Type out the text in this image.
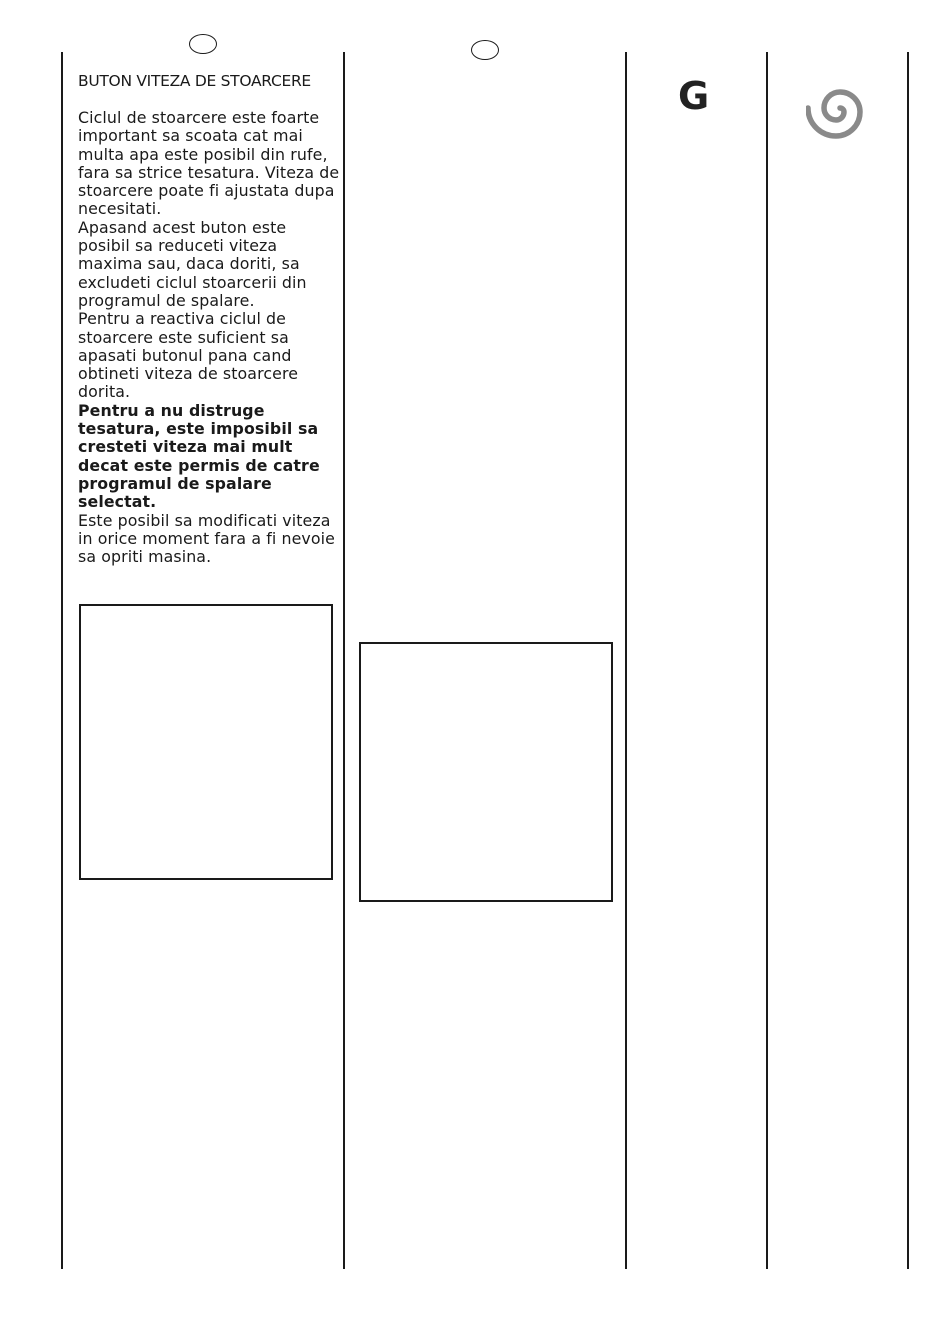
BUTON VITEZA DE STOARCERE

Ciclul de stoarcere este foarte important sa scoata cat mai multa apa este posibil din rufe, fara sa strice tesatura. Viteza de stoarcere poate fi ajustata dupa necesitati.

Apasand acest buton este posibil sa reduceti viteza maxima sau, daca doriti, sa excludeti ciclul stoarcerii din programul de spalare.

Pentru a reactiva ciclul de stoarcere este suficient sa apasati butonul pana cand obtineti viteza de stoarcere dorita.

Pentru a nu distruge tesatura, este imposibil sa cresteti viteza mai mult decat este permis de catre programul de spalare selectat.

Este posibil sa modificati viteza in orice moment fara a fi nevoie sa opriti masina.

G
